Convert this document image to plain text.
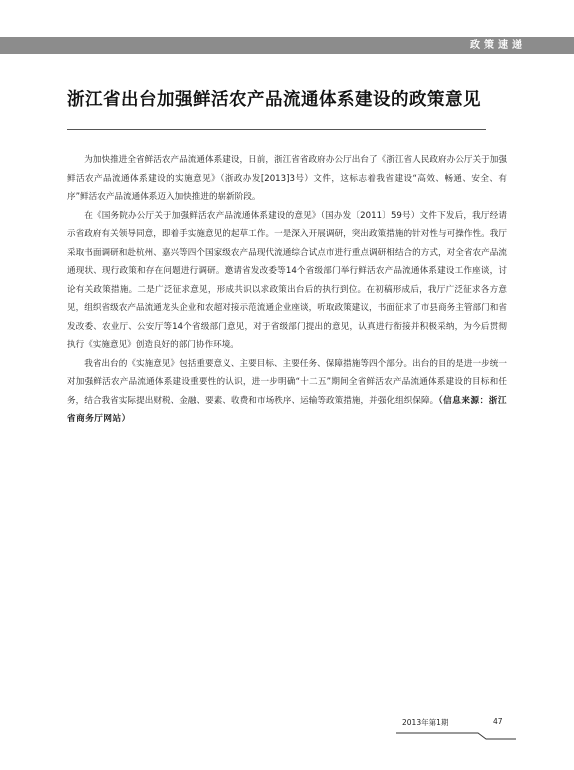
政策速递
浙江省出台加强鲜活农产品流通体系建设的政策意见

为加快推进全省鲜活农产品流通体系建设，日前，浙江省省政府办公厅出台了《浙江省人民政府办公厅关于加强鲜活农产品流通体系建设的实施意见》（浙政办发[2013]3号）文件，这标志着我省建设“高效、畅通、安全、有序”鲜活农产品流通体系迈入加快推进的崭新阶段。

在《国务院办公厅关于加强鲜活农产品流通体系建设的意见》（国办发〔2011〕59号）文件下发后，我厅经请示省政府有关领导同意，即着手实施意见的起草工作。一是深入开展调研，突出政策措施的针对性与可操作性。我厅采取书面调研和赴杭州、嘉兴等四个国家级农产品现代流通综合试点市进行重点调研相结合的方式，对全省农产品流通现状、现行政策和存在问题进行调研。邀请省发改委等14个省级部门举行鲜活农产品流通体系建设工作座谈，讨论有关政策措施。二是广泛征求意见，形成共识以求政策出台后的执行到位。在初稿形成后，我厅广泛征求各方意见，组织省级农产品流通龙头企业和农超对接示范流通企业座谈，听取政策建议，书面征求了市县商务主管部门和省发改委、农业厅、公安厅等14个省级部门意见，对于省级部门提出的意见，认真进行衔接并积极采纳，为今后贯彻执行《实施意见》创造良好的部门协作环境。

我省出台的《实施意见》包括重要意义、主要目标、主要任务、保障措施等四个部分。出台的目的是进一步统一对加强鲜活农产品流通体系建设重要性的认识，进一步明确“十二五”期间全省鲜活农产品流通体系建设的目标和任务，结合我省实际提出财税、金融、要素、收费和市场秩序、运输等政策措施，并强化组织保障。（信息来源：浙江省商务厅网站）

2013年第1期	47
